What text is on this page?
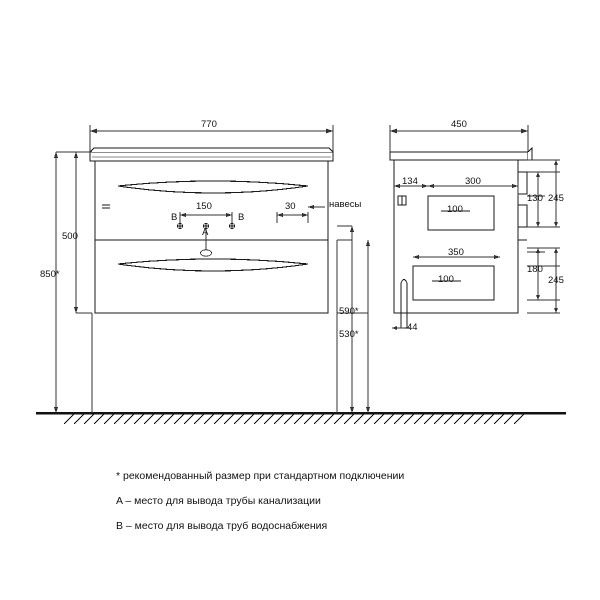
770
500
850*
150	30
A
B	B
навесы
590*
530*
450
134	300
100
350
100
44
130 245
180
245
* рекомендованный размер при стандартном подключении
A – место для вывода трубы канализации
B – место для вывода труб водоснабжения
